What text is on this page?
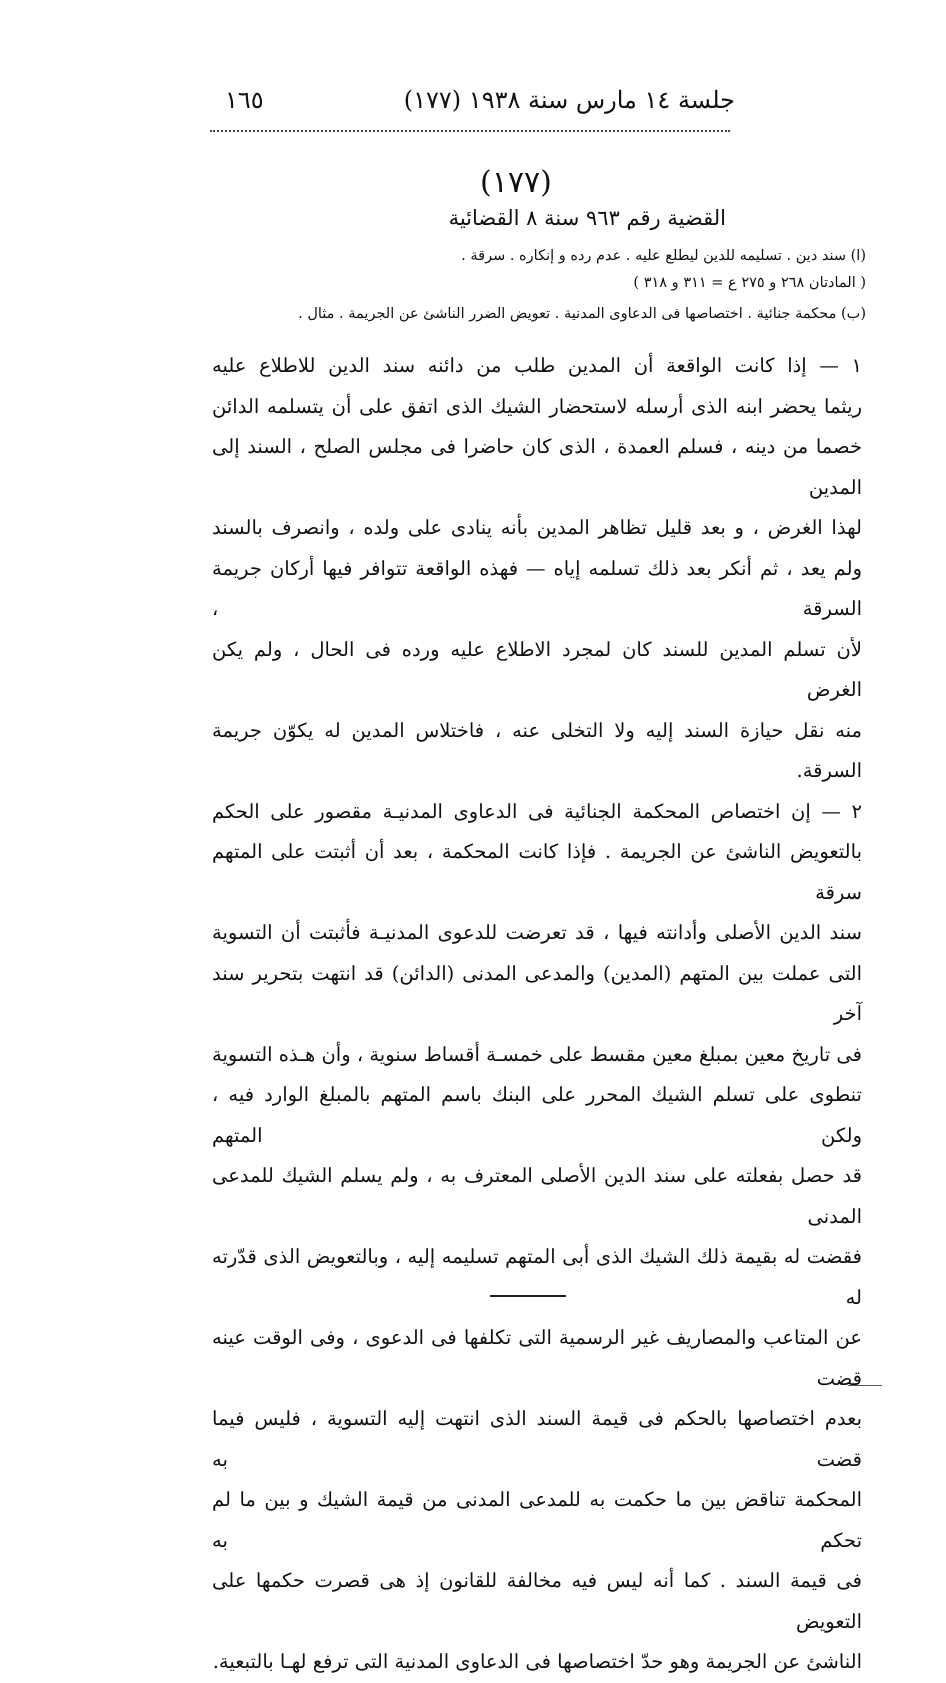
جلسة ١٤ مارس سنة ١٩٣٨ (١٧٧)
١٦٥
(١٧٧)
القضية رقم ٩٦٣ سنة ٨ القضائية
(ا) سند دين . تسليمه للدين ليطلع عليه . عدم رده و إنكاره . سرقة .
( المادتان ٢٦٨ و ٢٧٥ ع = ٣١١ و ٣١٨ )
(ب) محكمة جنائية . اختصاصها فى الدعاوى المدنية . تعويض الضرر الناشئ عن الجريمة . مثال .

١ — إذا كانت الواقعة أن المدين طلب من دائنه سند الدين للاطلاع عليه

ريثما يحضر ابنه الذى أرسله لاستحضار الشيك الذى اتفق على أن يتسلمه الدائن

خصما من دينه ، فسلم العمدة ، الذى كان حاضرا فى مجلس الصلح ، السند إلى المدين

لهذا الغرض ، و بعد قليل تظاهر المدين بأنه ينادى على ولده ، وانصرف بالسند

ولم يعد ، ثم أنكر بعد ذلك تسلمه إياه — فهذه الواقعة تتوافر فيها أركان جريمة السرقة ،

لأن تسلم المدين للسند كان لمجرد الاطلاع عليه ورده فى الحال ، ولم يكن الغرض

منه نقل حيازة السند إليه ولا التخلى عنه ، فاختلاس المدين له يكوّن جريمة السرقة.

٢ — إن اختصاص المحكمة الجنائية فى الدعاوى المدنيـة مقصور على الحكم

بالتعويض الناشئ عن الجريمة . فإذا كانت المحكمة ، بعد أن أثبتت على المتهم سرقة

سند الدين الأصلى وأدانته فيها ، قد تعرضت للدعوى المدنيـة فأثبتت أن التسوية

التى عملت بين المتهم (المدين) والمدعى المدنى (الدائن) قد انتهت بتحرير سند آخر

فى تاريخ معين بمبلغ معين مقسط على خمسـة أقساط سنوية ، وأن هـذه التسوية

تنطوى على تسلم الشيك المحرر على البنك باسم المتهم بالمبلغ الوارد فيه ، ولكن المتهم

قد حصل بفعلته على سند الدين الأصلى المعترف به ، ولم يسلم الشيك للمدعى المدنى

فقضت له بقيمة ذلك الشيك الذى أبى المتهم تسليمه إليه ، وبالتعويض الذى قدّرته له

عن المتاعب والمصاريف غير الرسمية التى تكلفها فى الدعوى ، وفى الوقت عينه قضت

بعدم اختصاصها بالحكم فى قيمة السند الذى انتهت إليه التسوية ، فليس فيما قضت به

المحكمة تناقض بين ما حكمت به للمدعى المدنى من قيمة الشيك و بين ما لم تحكم به

فى قيمة السند . كما أنه ليس فيه مخالفة للقانون إذ هى قصرت حكمها على التعويض

الناشئ عن الجريمة وهو حدّ اختصاصها فى الدعاوى المدنية التى ترفع لهـا بالتبعية.
